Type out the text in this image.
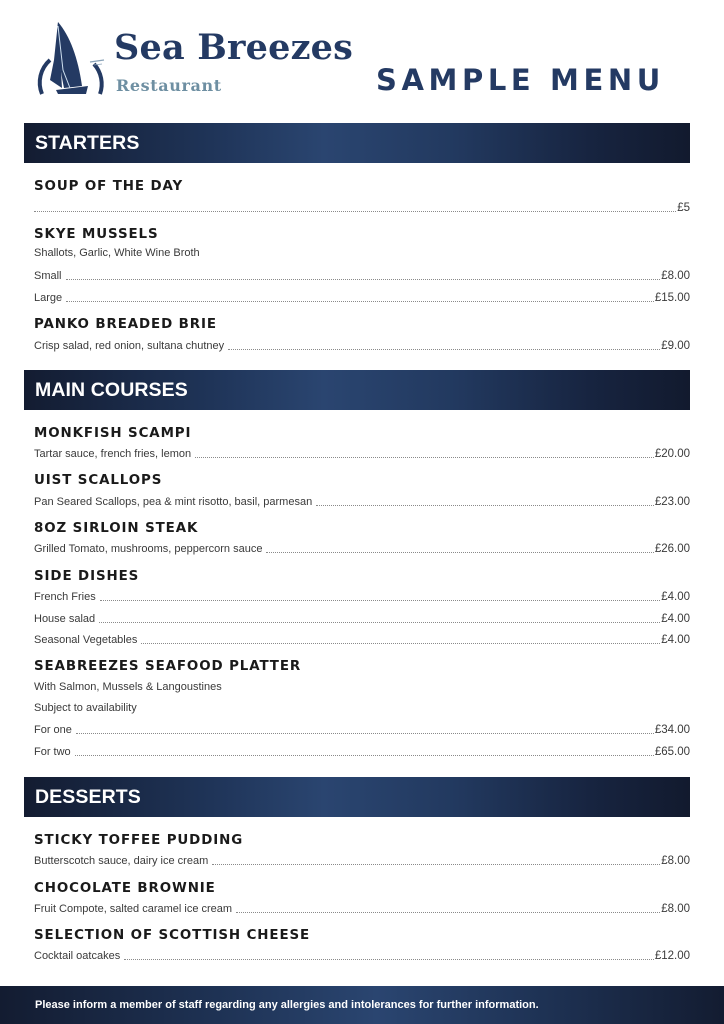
Sea Breezes
Restaurant	SAMPLE MENU
STARTERS
SOUP OF THE DAY
£5
SKYE MUSSELS
Shallots, Garlic, White Wine Broth
Small	£8.00
Large	£15.00
PANKO BREADED BRIE
Crisp salad, red onion, sultana chutney	£9.00
MAIN COURSES
MONKFISH SCAMPI
Tartar sauce, french fries, lemon	£20.00
UIST SCALLOPS
Pan Seared Scallops, pea & mint risotto, basil, parmesan	£23.00
8OZ SIRLOIN STEAK
Grilled Tomato, mushrooms, peppercorn sauce	£26.00
SIDE DISHES
French Fries	£4.00
House salad	£4.00
Seasonal Vegetables	£4.00
SEABREEZES SEAFOOD PLATTER
With Salmon, Mussels & Langoustines
Subject to availability
For one	£34.00
For two	£65.00
DESSERTS
STICKY TOFFEE PUDDING
Butterscotch sauce, dairy ice cream	£8.00
CHOCOLATE BROWNIE
Fruit Compote, salted caramel ice cream	£8.00
SELECTION OF SCOTTISH CHEESE
Cocktail oatcakes	£12.00
Please inform a member of staff regarding any allergies and intolerances for further information.
